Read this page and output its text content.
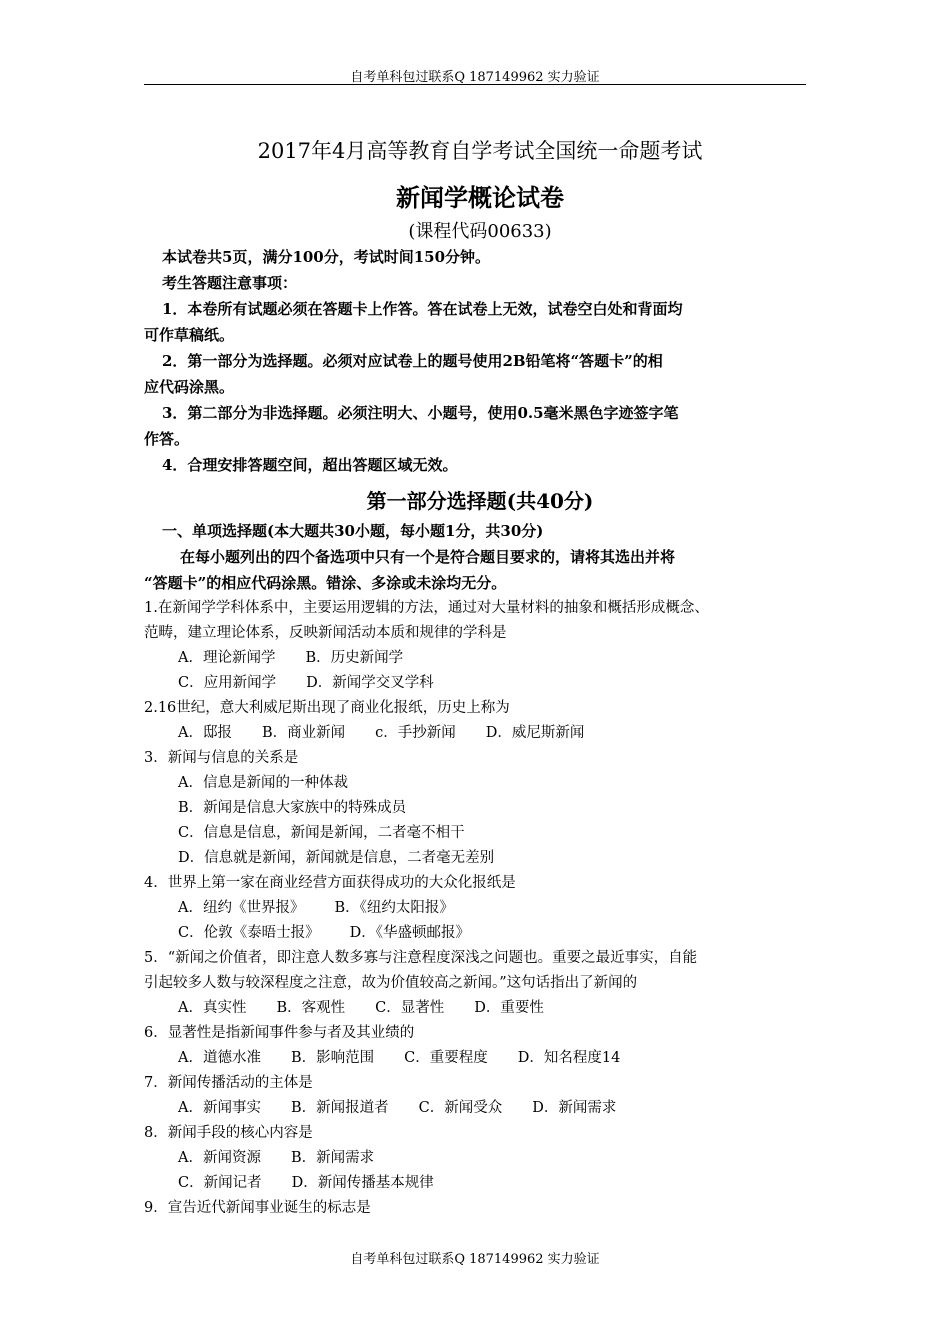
自考单科包过联系Q 187149962 实力验证
2017年4月高等教育自学考试全国统一命题考试
新闻学概论试卷

(课程代码00633)

本试卷共5页，满分100分，考试时间150分钟。

考生答题注意事项：

1．本卷所有试题必须在答题卡上作答。答在试卷上无效，试卷空白处和背面均

可作草稿纸。

2．第一部分为选择题。必须对应试卷上的题号使用2B铅笔将“答题卡”的相

应代码涂黑。

3．第二部分为非选择题。必须注明大、小题号，使用0.5毫米黑色字迹签字笔

作答。

4．合理安排答题空间，超出答题区域无效。

第一部分选择题(共40分)

一、单项选择题(本大题共30小题，每小题1分，共30分)

在每小题列出的四个备选项中只有一个是符合题目要求的，请将其选出并将

“答题卡”的相应代码涂黑。错涂、多涂或未涂均无分。

1.在新闻学学科体系中，主要运用逻辑的方法，通过对大量材料的抽象和概括形成概念、

范畴，建立理论体系，反映新闻活动本质和规律的学科是

A．理论新闻学 B．历史新闻学

C．应用新闻学 D．新闻学交叉学科

2.16世纪，意大利威尼斯出现了商业化报纸，历史上称为

A．邸报 B．商业新闻 c．手抄新闻 D．威尼斯新闻

3．新闻与信息的关系是

A．信息是新闻的一种体裁

B．新闻是信息大家族中的特殊成员

C．信息是信息，新闻是新闻，二者毫不相干

D．信息就是新闻，新闻就是信息，二者毫无差别

4．世界上第一家在商业经营方面获得成功的大众化报纸是

A．纽约《世界报》 B．《纽约太阳报》

C．伦敦《泰晤士报》 D．《华盛顿邮报》

5．“新闻之价值者，即注意人数多寡与注意程度深浅之问题也。重要之最近事实，自能

引起较多人数与较深程度之注意，故为价值较高之新闻。”这句话指出了新闻的

A．真实性 B．客观性 C．显著性 D．重要性

6．显著性是指新闻事件参与者及其业绩的

A．道德水准 B．影响范围 C．重要程度 D．知名程度14

7．新闻传播活动的主体是

A．新闻事实 B．新闻报道者 C．新闻受众 D．新闻需求

8．新闻手段的核心内容是

A．新闻资源 B．新闻需求

C．新闻记者 D．新闻传播基本规律

9．宣告近代新闻事业诞生的标志是

自考单科包过联系Q 187149962 实力验证
